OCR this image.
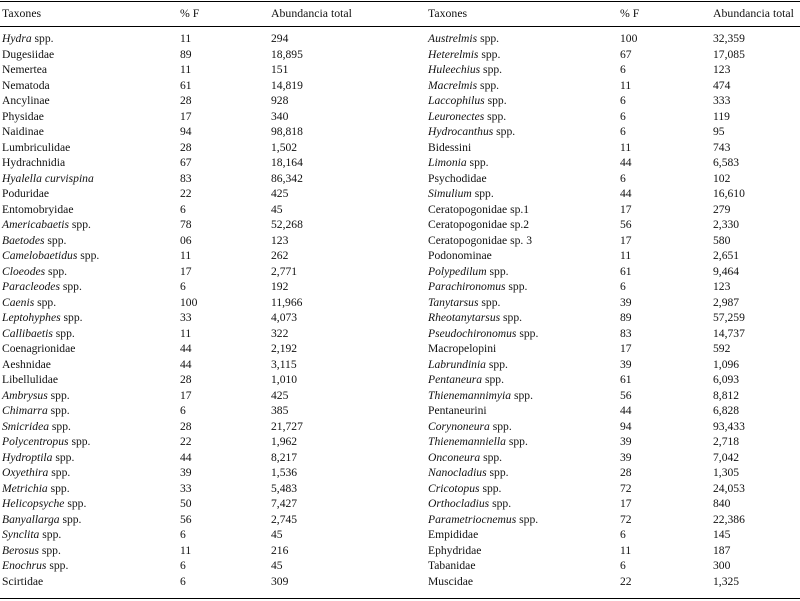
Taxones	% F	Abundancia total	Taxones	% F	Abundancia total
Hydra spp.	11	294	Austrelmis spp.	100	32,359
Dugesiidae	89	18,895	Heterelmis spp.	67	17,085
Nemertea	11	151	Huleechius spp.	6	123
Nematoda	61	14,819	Macrelmis spp.	11	474
Ancylinae	28	928	Laccophilus spp.	6	333
Physidae	17	340	Leuronectes spp.	6	119
Naidinae	94	98,818	Hydrocanthus spp.	6	95
Lumbriculidae	28	1,502	Bidessini	11	743
Hydrachnidia	67	18,164	Limonia spp.	44	6,583
Hyalella curvispina	83	86,342	Psychodidae	6	102
Poduridae	22	425	Simulium spp.	44	16,610
Entomobryidae	6	45	Ceratopogonidae sp.1	17	279
Americabaetis spp.	78	52,268	Ceratopogonidae sp.2	56	2,330
Baetodes spp.	06	123	Ceratopogonidae sp. 3	17	580
Camelobaetidus spp.	11	262	Podonominae	11	2,651
Cloeodes spp.	17	2,771	Polypedilum spp.	61	9,464
Paracleodes spp.	6	192	Parachironomus spp.	6	123
Caenis spp.	100	11,966	Tanytarsus spp.	39	2,987
Leptohyphes spp.	33	4,073	Rheotanytarsus spp.	89	57,259
Callibaetis spp.	11	322	Pseudochironomus spp.	83	14,737
Coenagrionidae	44	2,192	Macropelopini	17	592
Aeshnidae	44	3,115	Labrundinia spp.	39	1,096
Libellulidae	28	1,010	Pentaneura spp.	61	6,093
Ambrysus spp.	17	425	Thienemannimyia spp.	56	8,812
Chimarra spp.	6	385	Pentaneurini	44	6,828
Smicridea spp.	28	21,727	Corynoneura spp.	94	93,433
Polycentropus spp.	22	1,962	Thienemanniella spp.	39	2,718
Hydroptila spp.	44	8,217	Onconeura spp.	39	7,042
Oxyethira spp.	39	1,536	Nanocladius spp.	28	1,305
Metrichia spp.	33	5,483	Cricotopus spp.	72	24,053
Helicopsyche spp.	50	7,427	Orthocladius spp.	17	840
Banyallarga spp.	56	2,745	Parametriocnemus spp.	72	22,386
Synclita spp.	6	45	Empididae	6	145
Berosus spp.	11	216	Ephydridae	11	187
Enochrus spp.	6	45	Tabanidae	6	300
Scirtidae	6	309	Muscidae	22	1,325
